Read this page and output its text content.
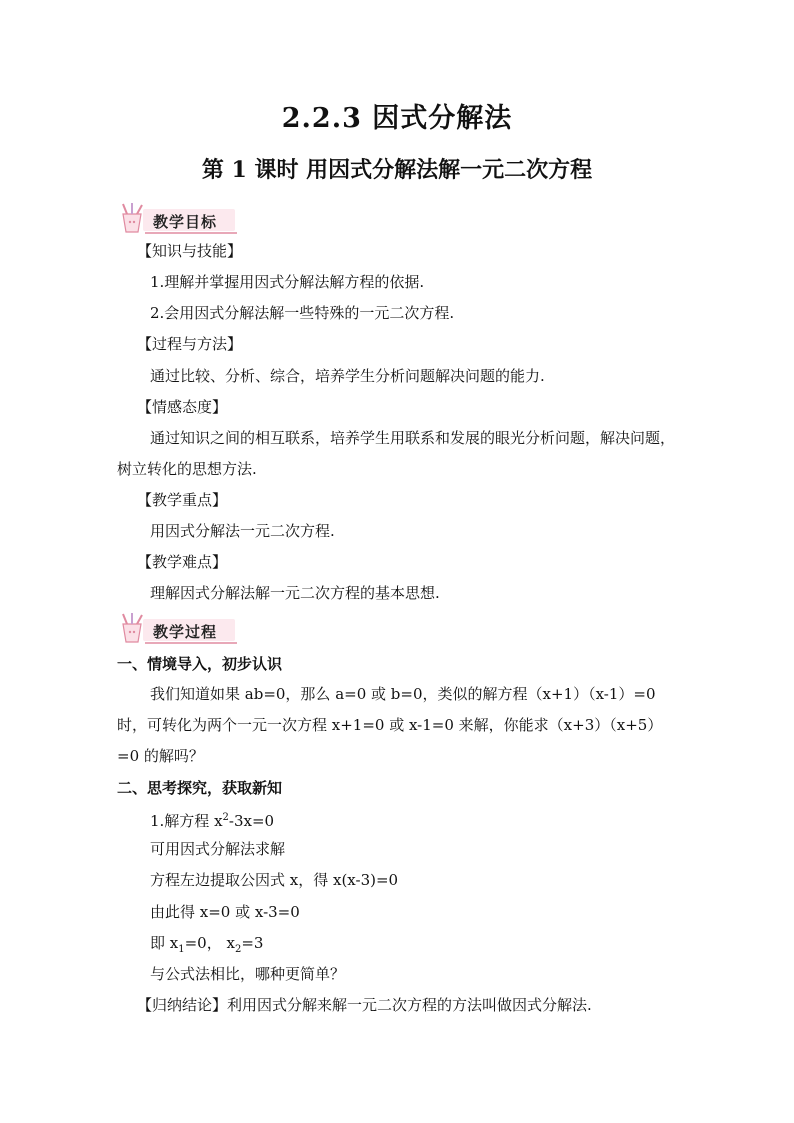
2.2.3 因式分解法
第 1 课时 用因式分解法解一元二次方程
教学目标
【知识与技能】
1.理解并掌握用因式分解法解方程的依据.
2.会用因式分解法解一些特殊的一元二次方程.
【过程与方法】
通过比较、分析、综合，培养学生分析问题解决问题的能力.
【情感态度】
通过知识之间的相互联系，培养学生用联系和发展的眼光分析问题，解决问题，树立转化的思想方法.
【教学重点】
用因式分解法一元二次方程.
【教学难点】
理解因式分解法解一元二次方程的基本思想.
教学过程
一、情境导入，初步认识
我们知道如果 ab=0，那么 a=0 或 b=0，类似的解方程（x+1）（x-1）=0 时，可转化为两个一元一次方程 x+1=0 或 x-1=0 来解，你能求（x+3）（x+5）=0 的解吗？
二、思考探究，获取新知
1.解方程 $x^2-3x=0$
可用因式分解法求解
方程左边提取公因式 x，得 x(x-3)=0
由此得 x=0 或 x-3=0
即 $x_1=0$， $x_2=3$
与公式法相比，哪种更简单？
【归纳结论】利用因式分解来解一元二次方程的方法叫做因式分解法.
